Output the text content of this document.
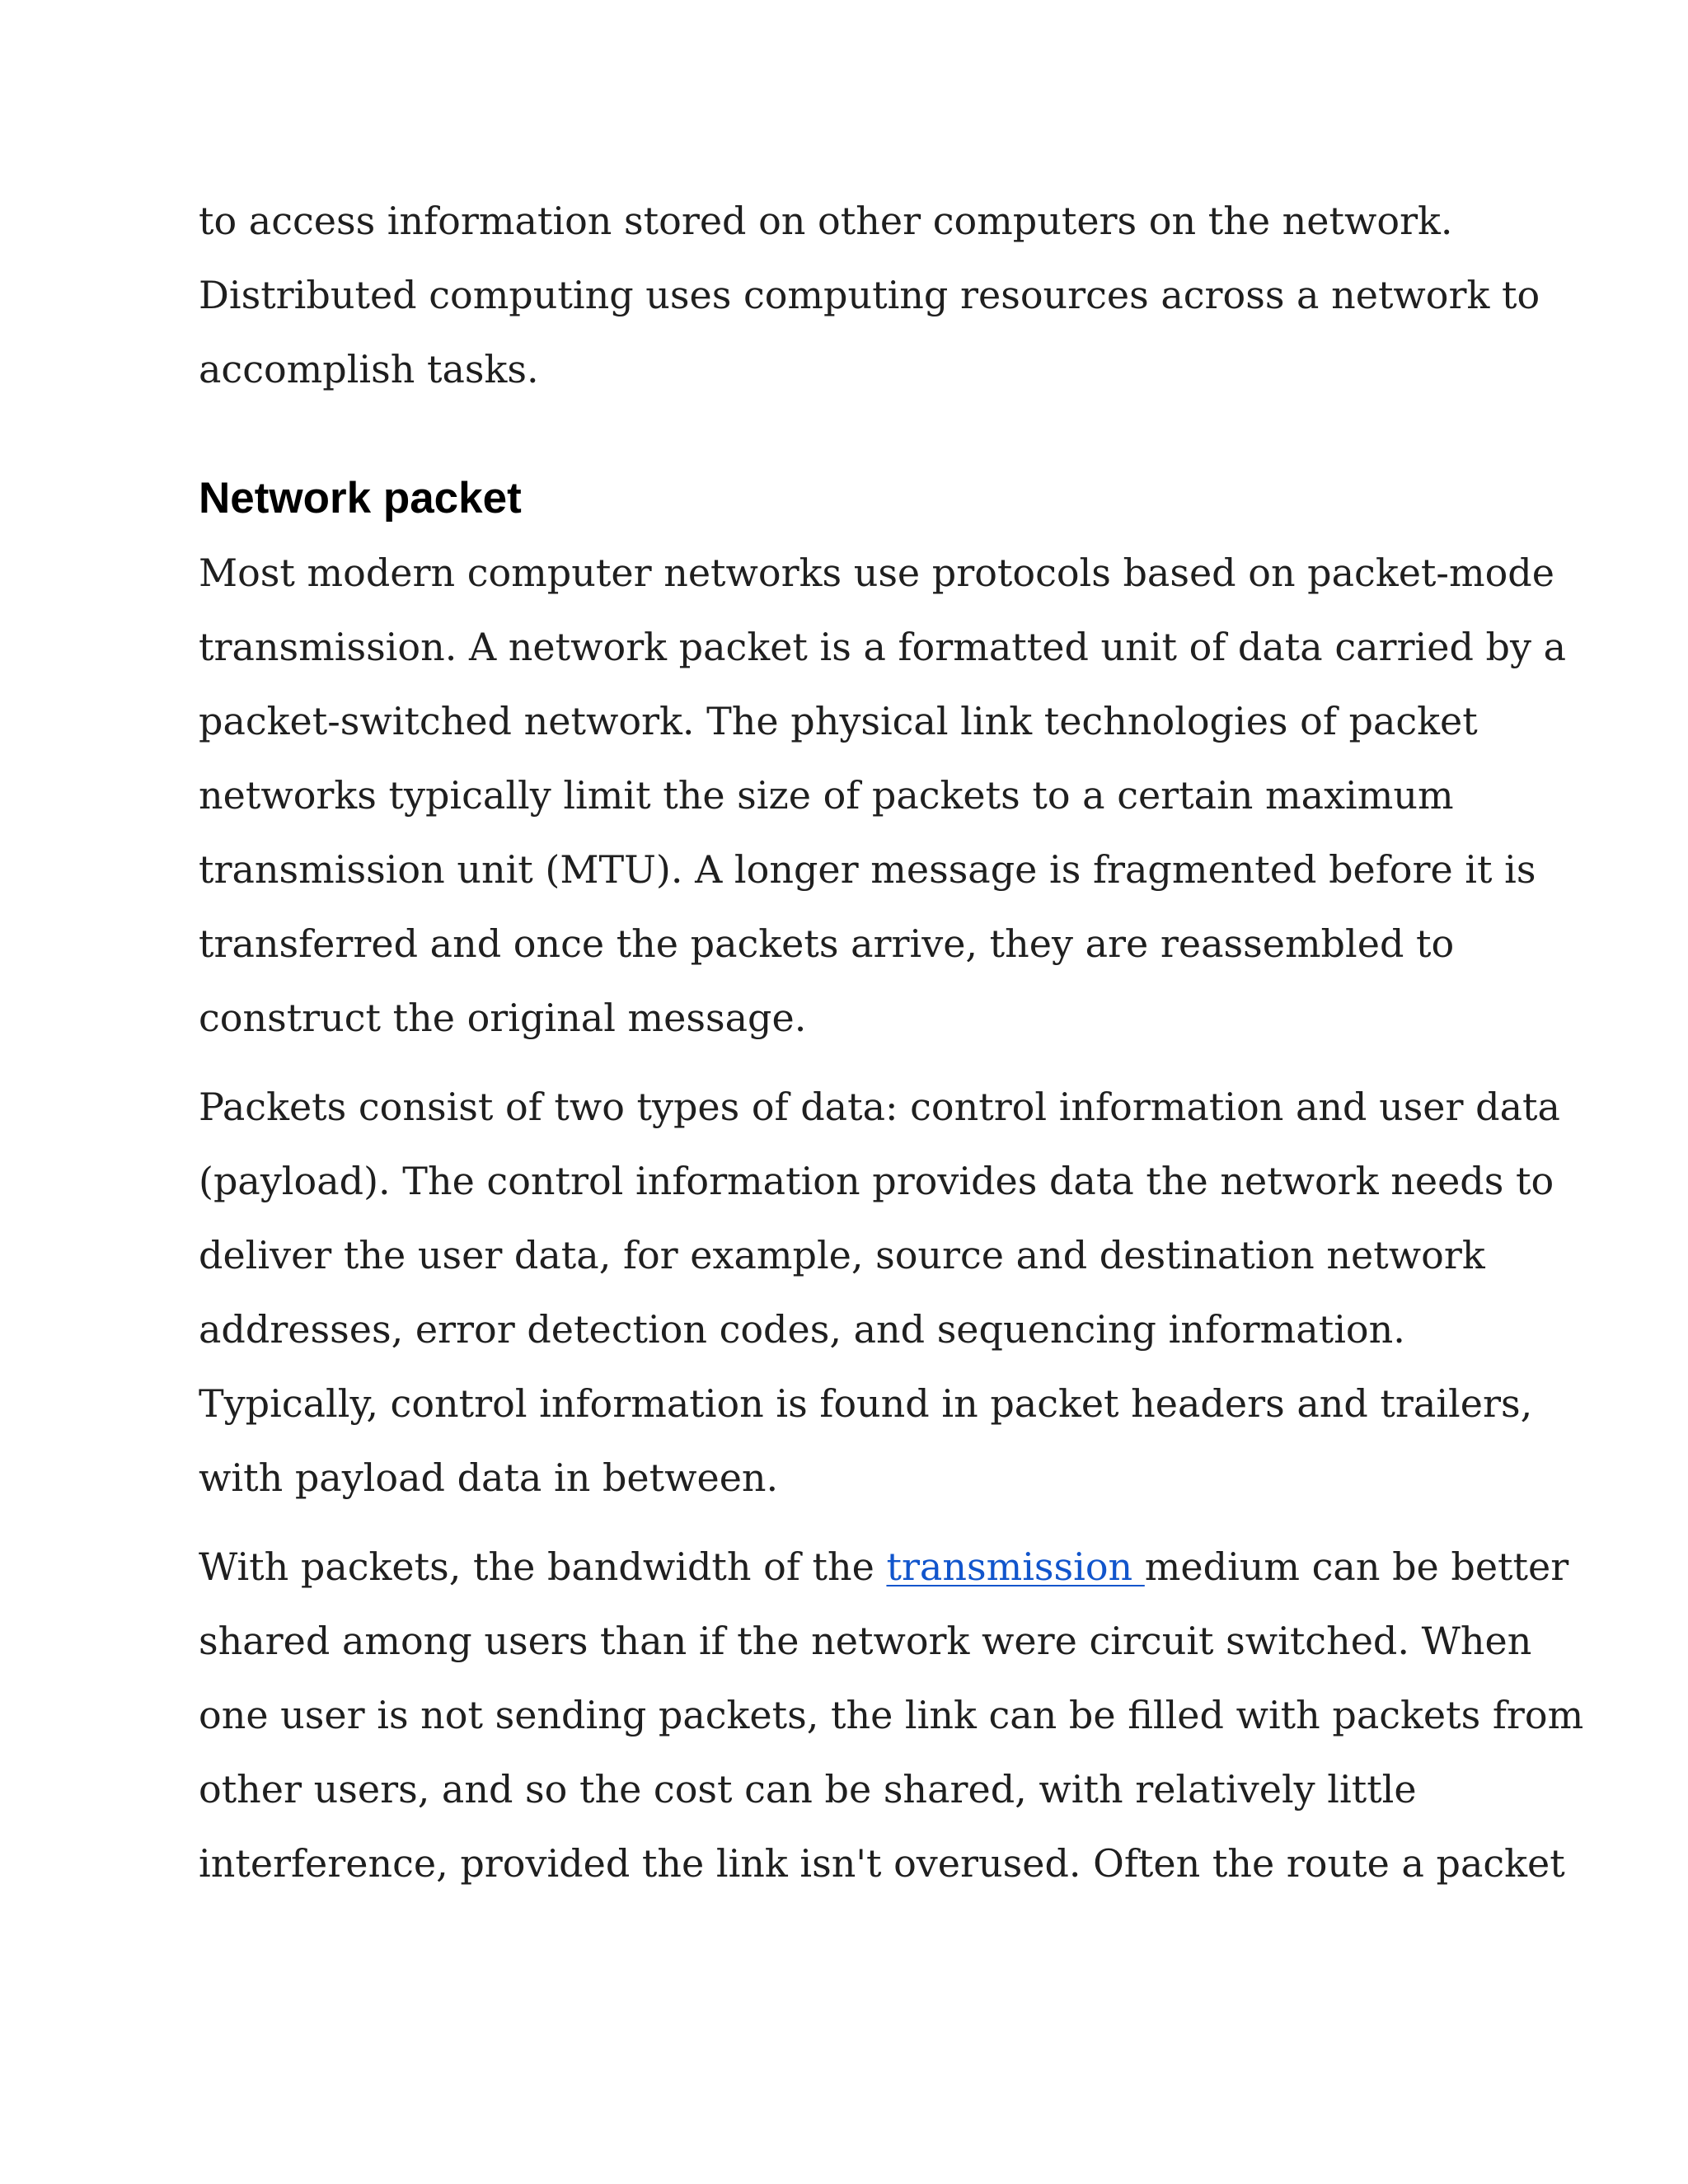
to access information stored on other computers on the network.
Distributed computing uses computing resources across a network to
accomplish tasks.

Network packet

Most modern computer networks use protocols based on packet-mode
transmission. A network packet is a formatted unit of data carried by a
packet-switched network. The physical link technologies of packet
networks typically limit the size of packets to a certain maximum
transmission unit (MTU). A longer message is fragmented before it is
transferred and once the packets arrive, they are reassembled to
construct the original message.

Packets consist of two types of data: control information and user data
(payload). The control information provides data the network needs to
deliver the user data, for example, source and destination network
addresses, error detection codes, and sequencing information.
Typically, control information is found in packet headers and trailers,
with payload data in between.

With packets, the bandwidth of the transmission medium can be better
shared among users than if the network were circuit switched. When
one user is not sending packets, the link can be filled with packets from
other users, and so the cost can be shared, with relatively little
interference, provided the link isn't overused. Often the route a packet
